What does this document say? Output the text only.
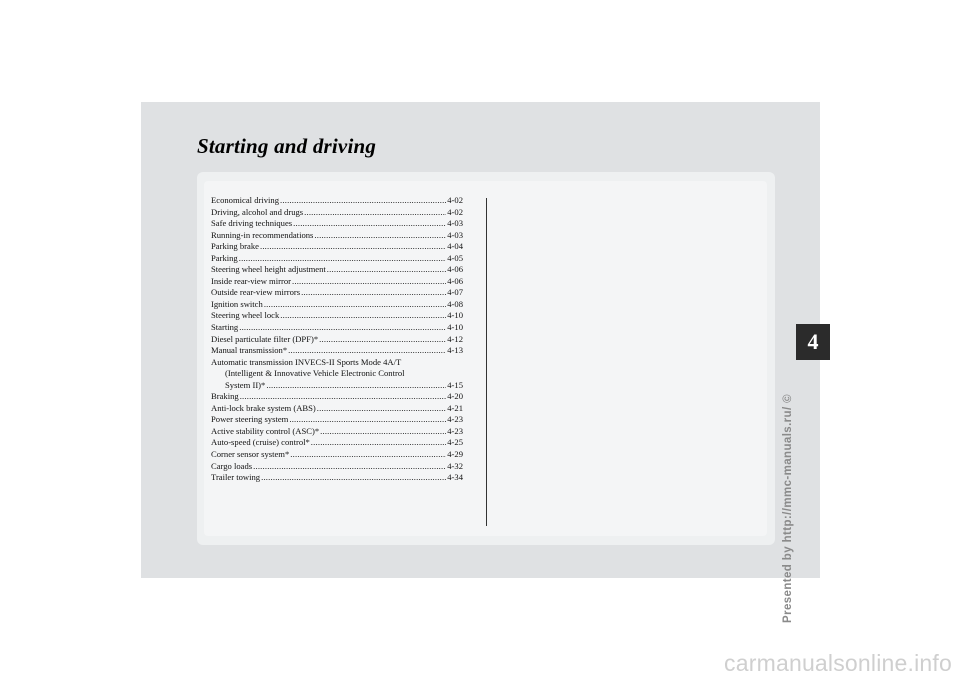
Starting and driving
Economical driving .....	4-02
Driving, alcohol and drugs .....	4-02
Safe driving techniques .....	4-03
Running-in recommendations .....	4-03
Parking brake .....	4-04
Parking .....	4-05
Steering wheel height adjustment .....	4-06
Inside rear-view mirror .....	4-06
Outside rear-view mirrors .....	4-07
Ignition switch .....	4-08
Steering wheel lock .....	4-10
Starting .....	4-10
Diesel particulate filter (DPF)* .....	4-12
Manual transmission* .....	4-13
Automatic transmission INVECS-II Sports Mode 4A/T
(Intelligent & Innovative Vehicle Electronic Control
System II)* .....	4-15
Braking .....	4-20
Anti-lock brake system (ABS) .....	4-21
Power steering system .....	4-23
Active stability control (ASC)* .....	4-23
Auto-speed (cruise) control* .....	4-25
Corner sensor system* .....	4-29
Cargo loads .....	4-32
Trailer towing .....	4-34
4
Presented by http://mmc-manuals.ru/ ©
carmanualsonline.info
